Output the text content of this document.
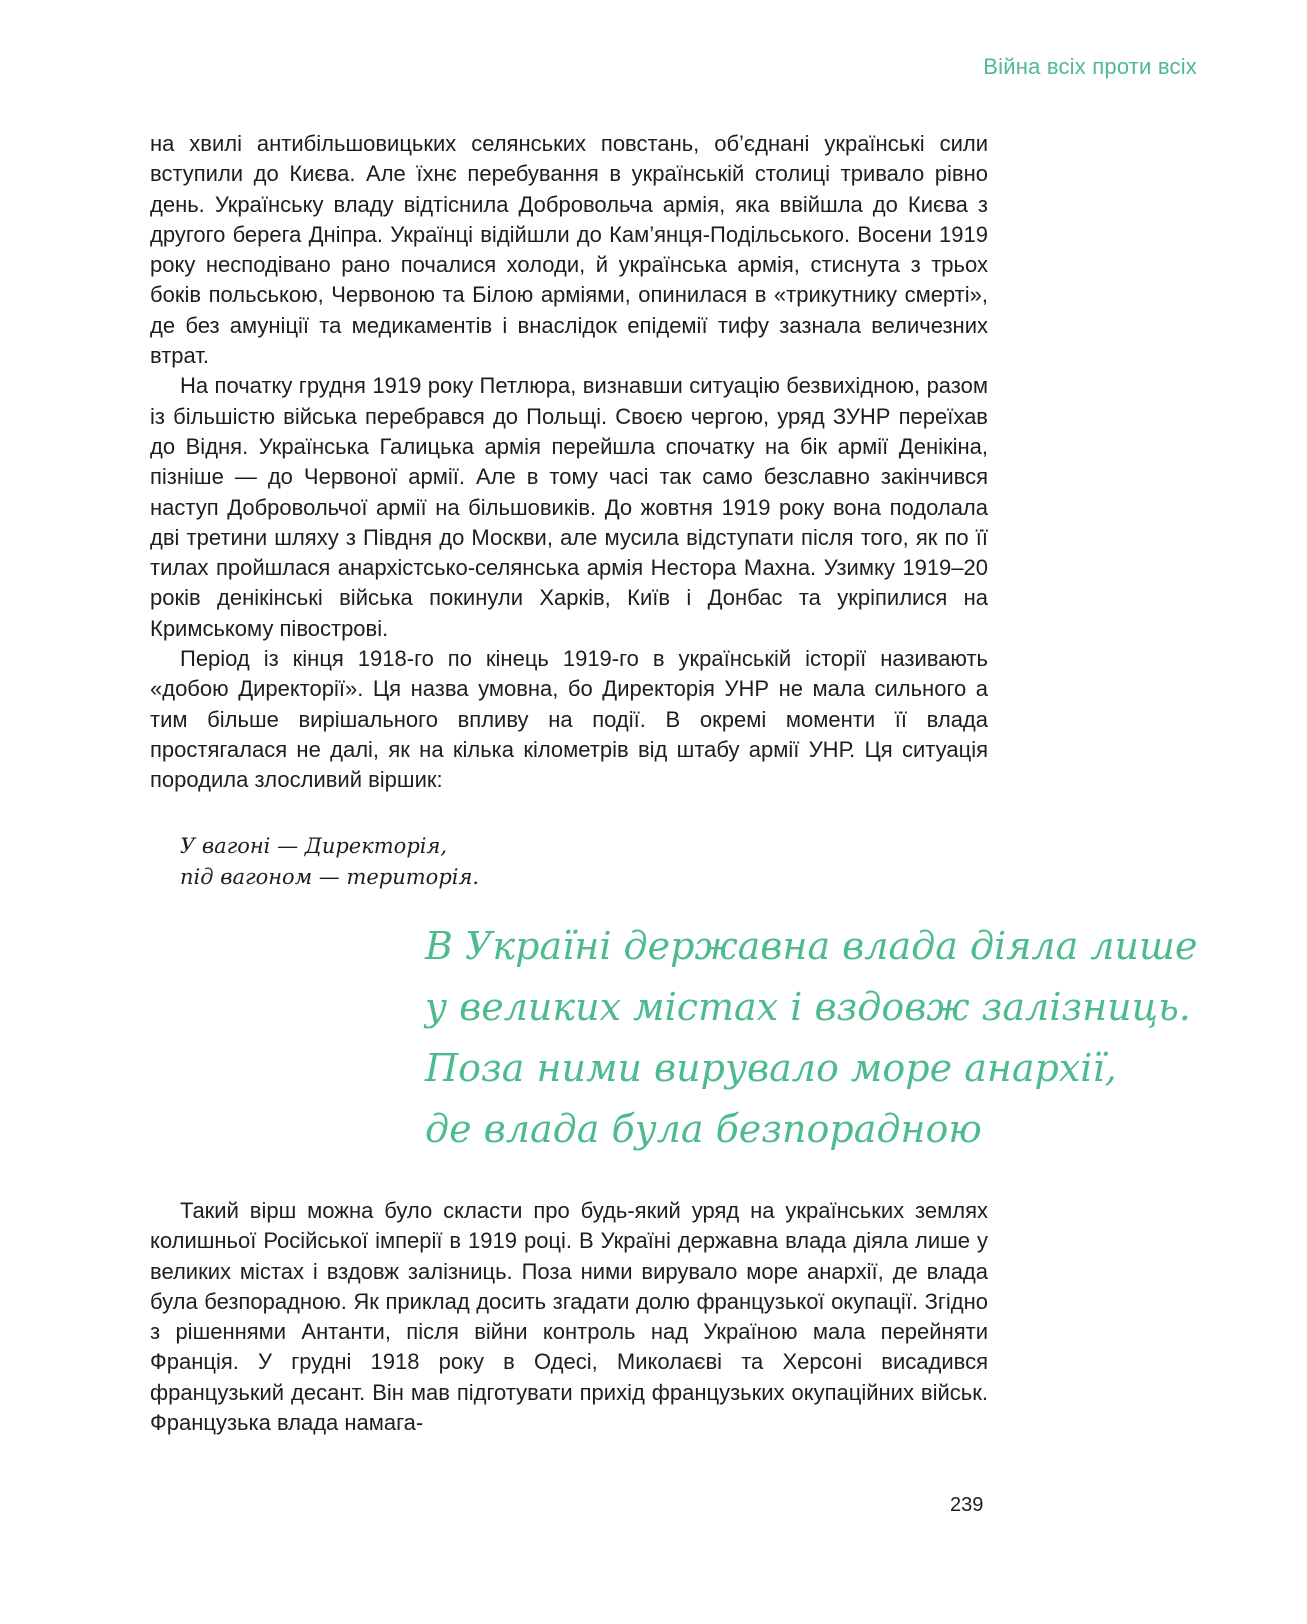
Війна всіх проти всіх

на хвилі антибільшовицьких селянських повстань, об’єднані українські сили вступили до Києва. Але їхнє перебування в українській столиці тривало рівно день. Українську владу відтіснила Добровольча армія, яка ввійшла до Києва з другого берега Дніпра. Українці відійшли до Кам’янця-Подільського. Восени 1919 року несподівано рано почалися холоди, й українська армія, стиснута з трьох боків польською, Червоною та Білою арміями, опинилася в «трикутнику смерті», де без амуніції та медикаментів і внаслідок епідемії тифу зазнала величезних втрат.

На початку грудня 1919 року Петлюра, визнавши ситуацію безвихідною, разом із більшістю війська перебрався до Польщі. Своєю чергою, уряд ЗУНР переїхав до Відня. Українська Галицька армія перейшла спочатку на бік армії Денікіна, пізніше — до Червоної армії. Але в тому часі так само безславно закінчився наступ Добровольчої армії на більшовиків. До жовтня 1919 року вона подолала дві третини шляху з Півдня до Москви, але мусила відступати після того, як по її тилах пройшлася анархістсько-селянська армія Нестора Махна. Узимку 1919–20 років денікінські війська покинули Харків, Київ і Донбас та укріпилися на Кримському півострові.

Період із кінця 1918-го по кінець 1919-го в українській історії називають «добою Директорії». Ця назва умовна, бо Директорія УНР не мала сильного а тим більше вирішального впливу на події. В окремі моменти її влада простягалася не далі, як на кілька кілометрів від штабу армії УНР. Ця ситуація породила злосливий віршик:

У вагоні — Директорія,
під вагоном — територія.
В Україні державна влада діяла лише
у великих містах і вздовж залізниць.
Поза ними вирувало море анархії,
де влада була безпорадною

Такий вірш можна було скласти про будь-який уряд на українських землях колишньої Російської імперії в 1919 році. В Україні державна влада діяла лише у великих містах і вздовж залізниць. Поза ними вирувало море анархії, де влада була безпорадною. Як приклад досить згадати долю французької окупації. Згідно з рішеннями Антанти, після війни контроль над Україною мала перейняти Франція. У грудні 1918 року в Одесі, Миколаєві та Херсоні висадився французький десант. Він мав підготувати прихід французьких окупаційних військ. Французька влада намага-

239
